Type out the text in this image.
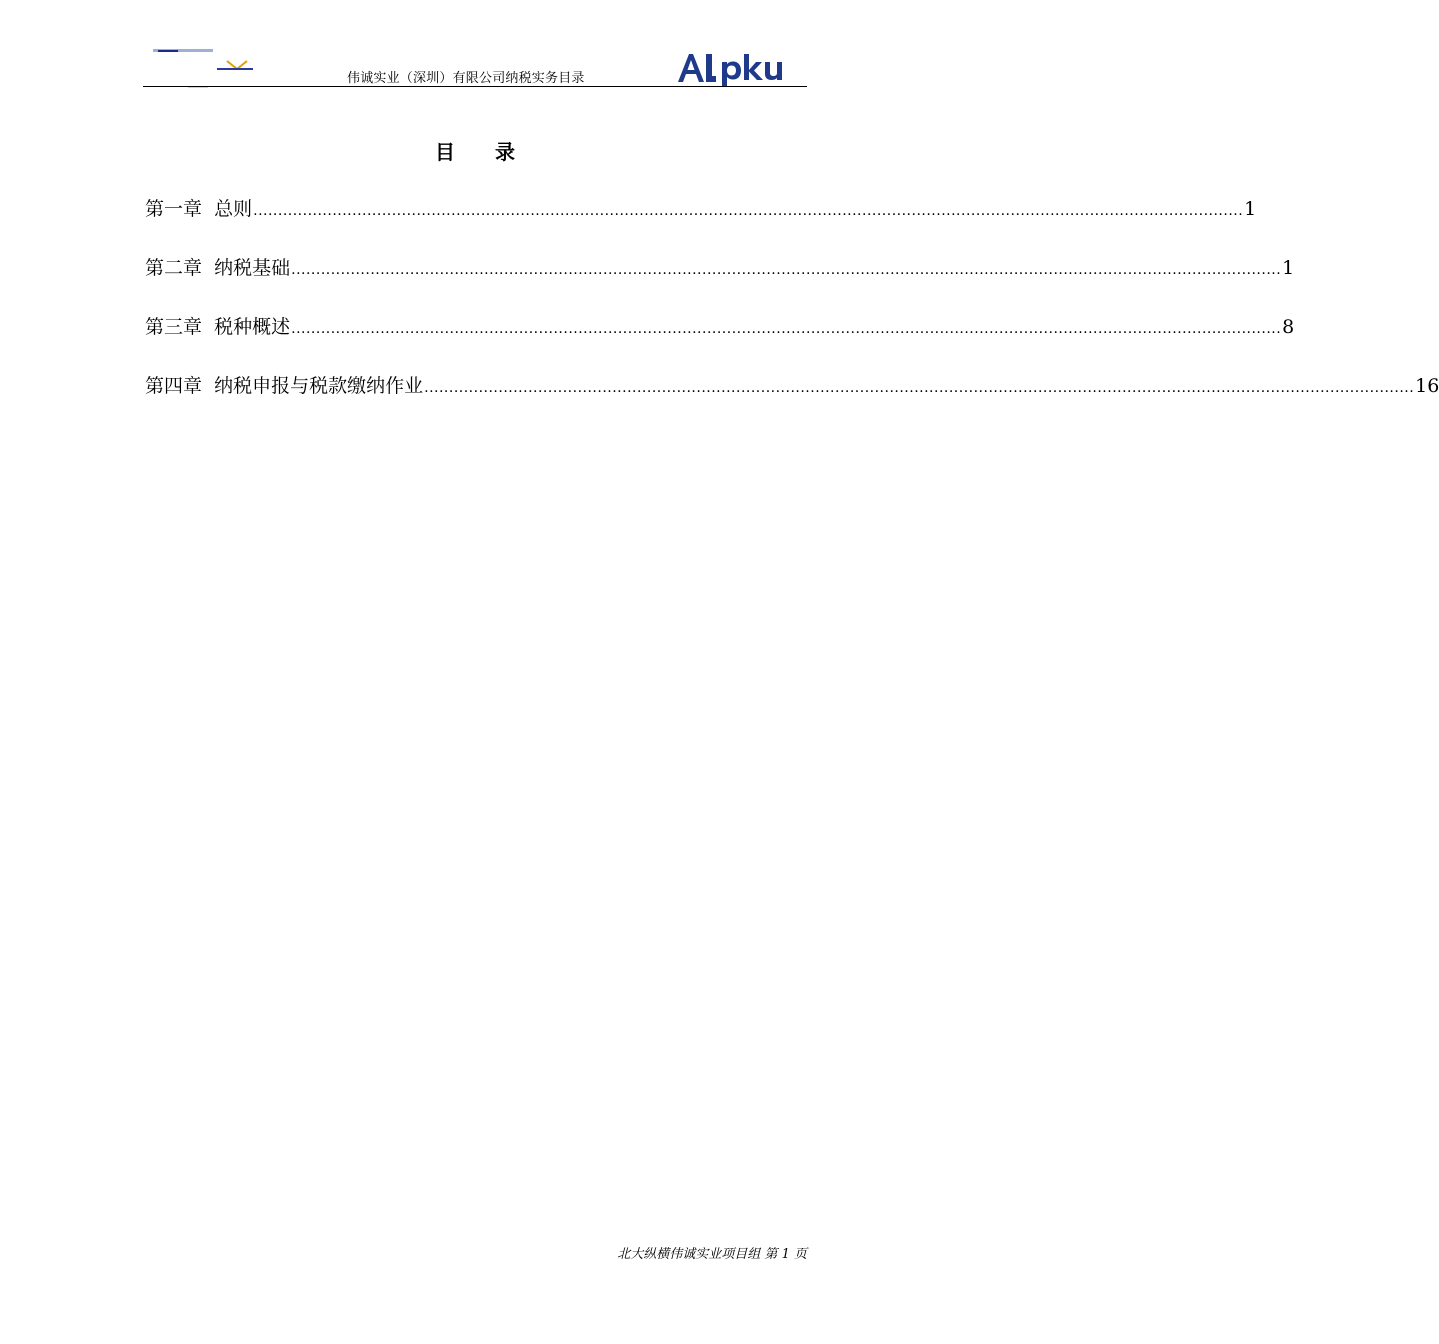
伟诚实业（深圳）有限公司纳税实务目录
目录
第一章 总则 ........................................................................................................................................................................................................ 1
第二章 纳税基础 ........................................................................................................................................................................................................ 1
第三章 税种概述 ........................................................................................................................................................................................................ 8
第四章 纳税申报与税款缴纳作业 ........................................................................................................................................................................................................ 16
北大纵横伟诚实业项目组 第 1 页
